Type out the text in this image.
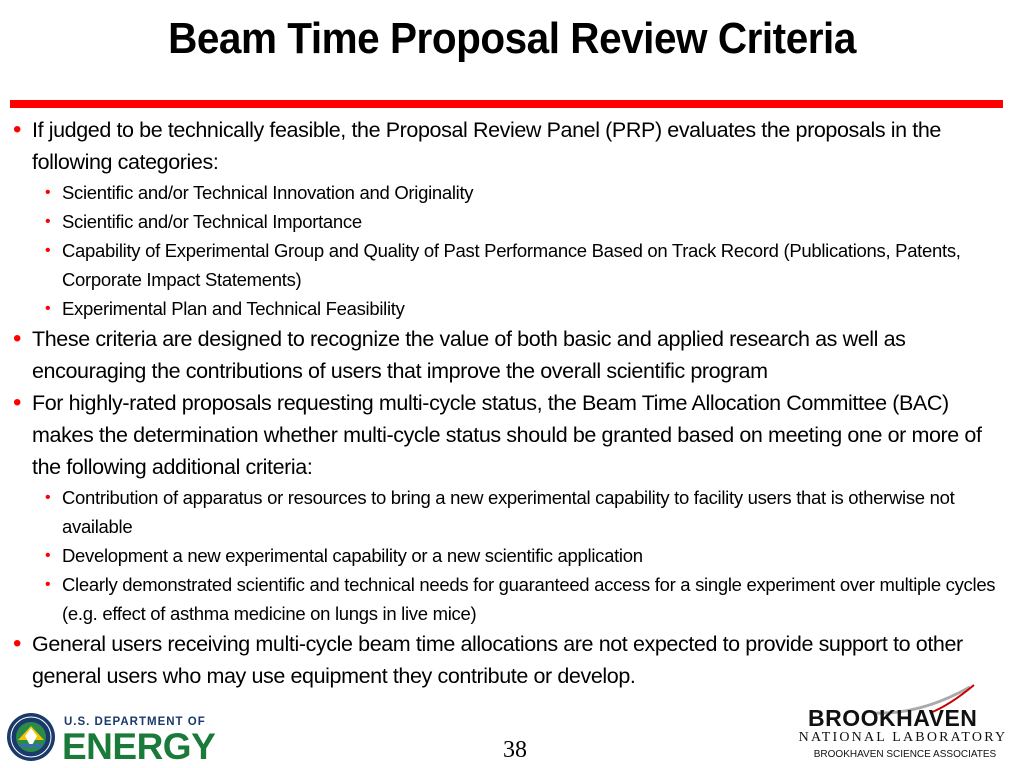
Beam Time Proposal Review Criteria
• If judged to be technically feasible, the Proposal Review Panel (PRP) evaluates the proposals in the following categories:
• Scientific and/or Technical Innovation and Originality
• Scientific and/or Technical Importance
• Capability of Experimental Group and Quality of Past Performance Based on Track Record (Publications, Patents, Corporate Impact Statements)
• Experimental Plan and Technical Feasibility
• These criteria are designed to recognize the value of both basic and applied research as well as encouraging the contributions of users that improve the overall scientific program
• For highly-rated proposals requesting multi-cycle status, the Beam Time Allocation Committee (BAC) makes the determination whether multi-cycle status should be granted based on meeting one or more of the following additional criteria:
• Contribution of apparatus or resources to bring a new experimental capability to facility users that is otherwise not available
• Development a new experimental capability or a new scientific application
• Clearly demonstrated scientific and technical needs for guaranteed access for a single experiment over multiple cycles (e.g. effect of asthma medicine on lungs in live mice)
• General users receiving multi-cycle beam time allocations are not expected to provide support to other general users who may use equipment they contribute or develop.
U.S. DEPARTMENT OF
ENERGY	38
BROOKHAVEN
NATIONAL LABORATORY
BROOKHAVEN SCIENCE ASSOCIATES
